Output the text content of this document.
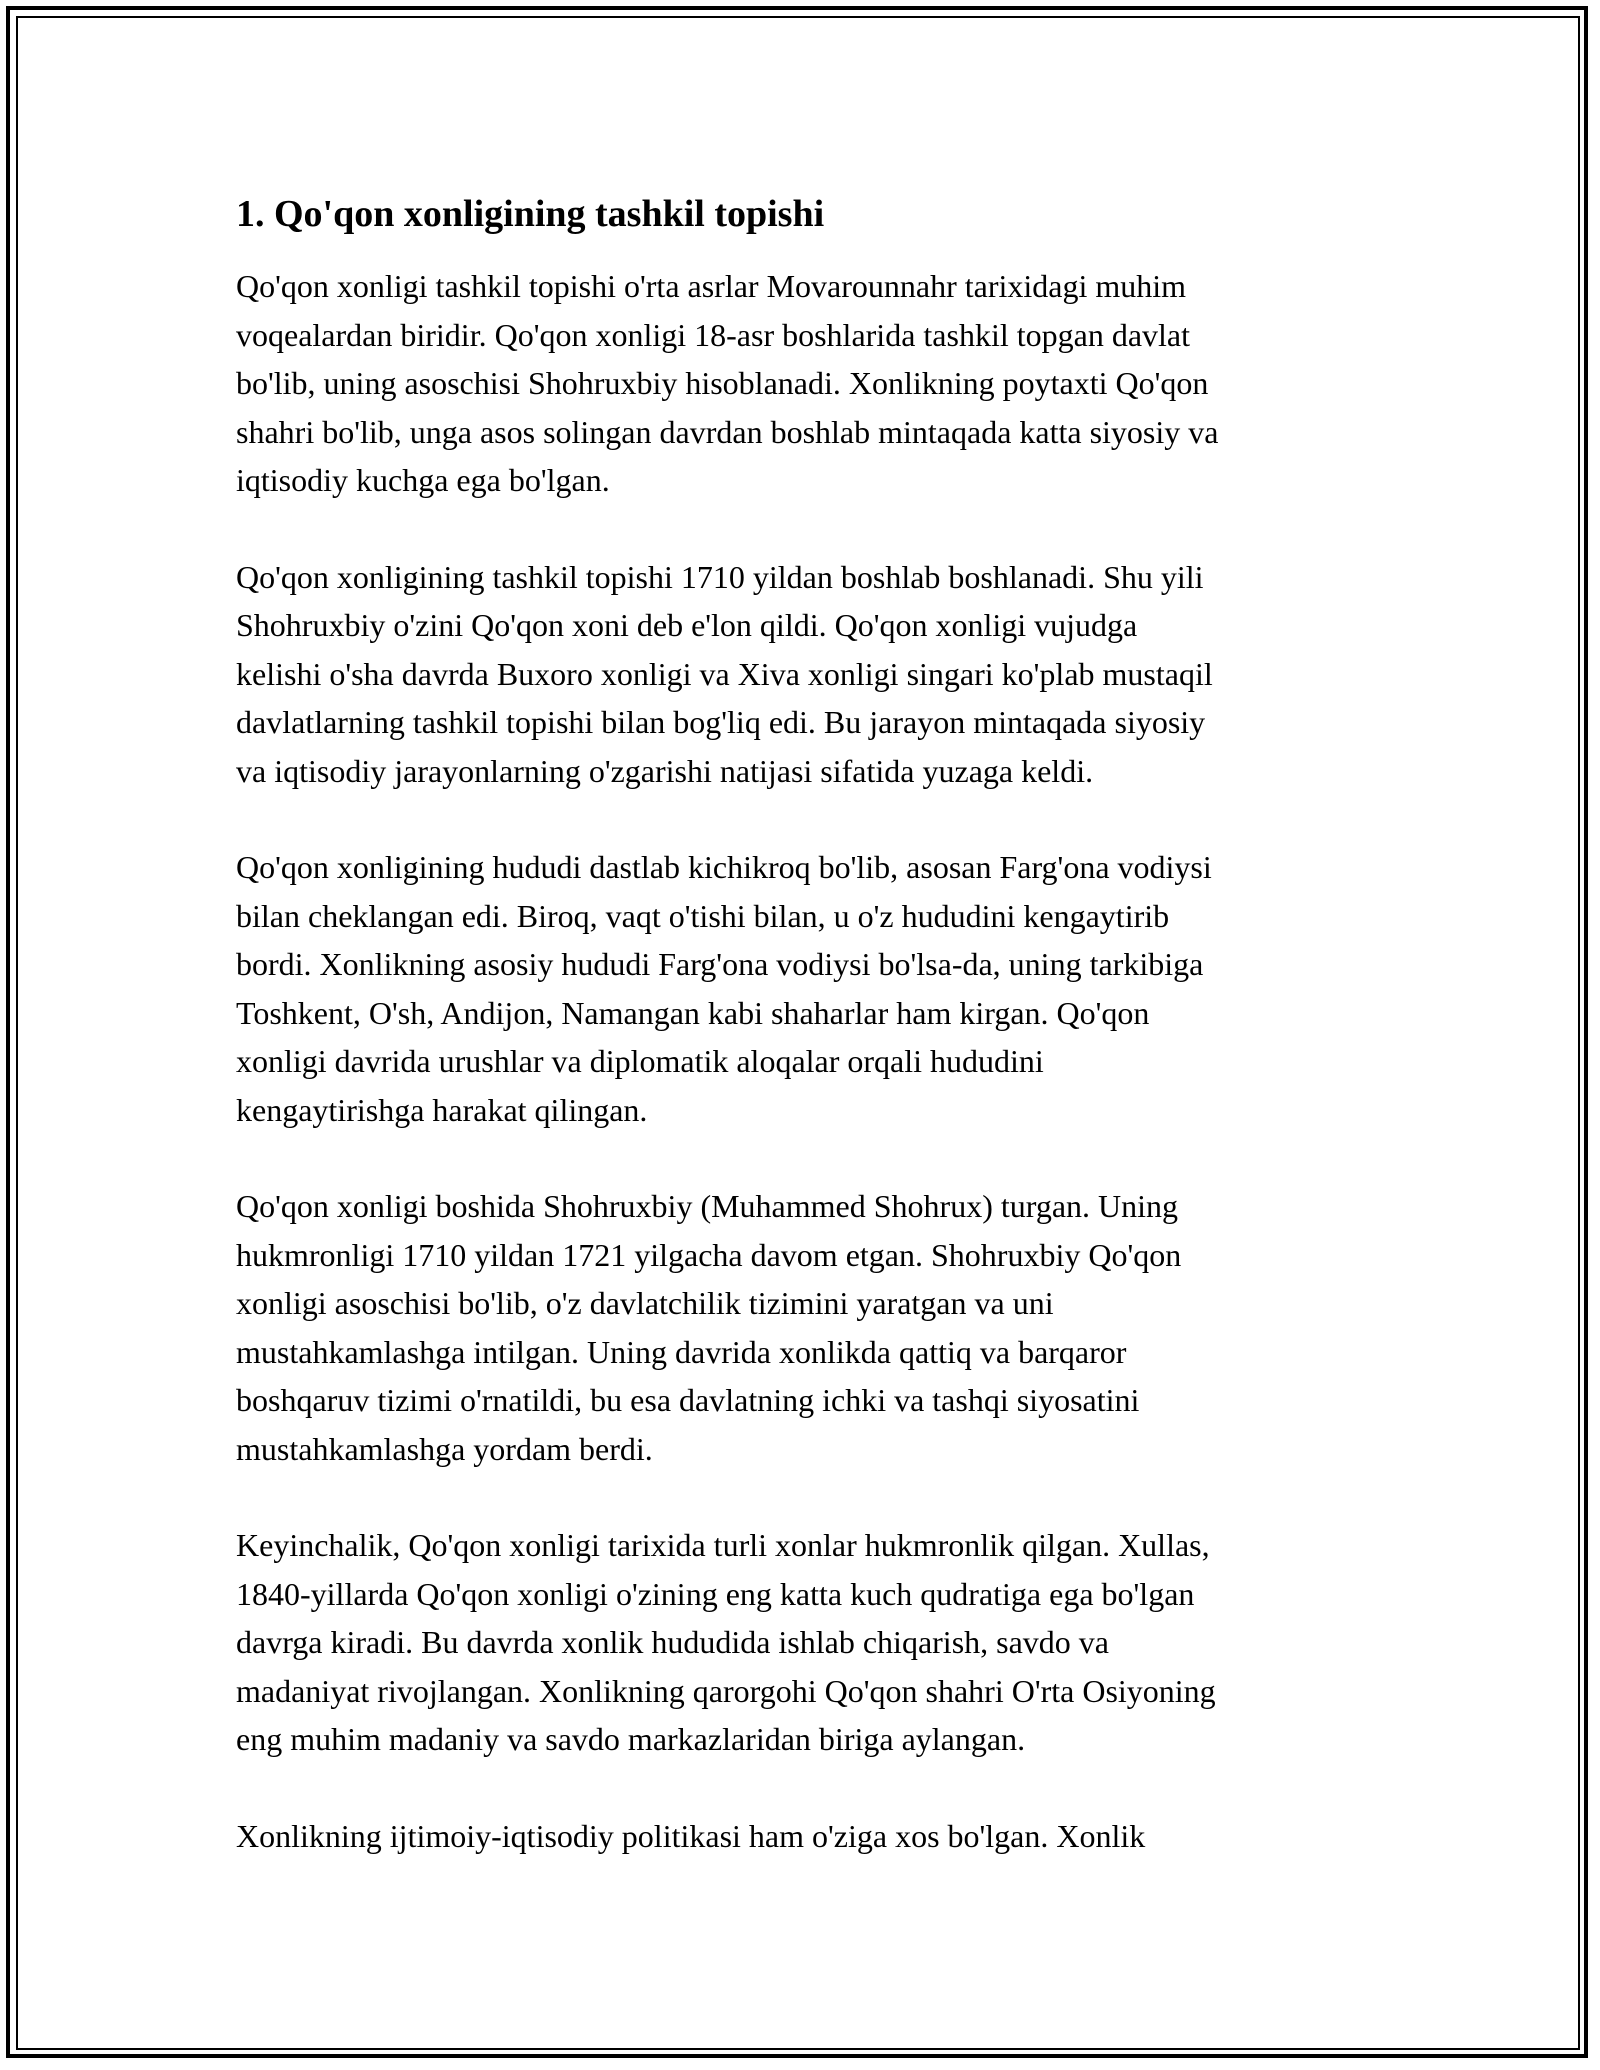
1. Qo'qon xonligining tashkil topishi

Qo'qon xonligi tashkil topishi o'rta asrlar Movarounnahr tarixidagi muhim
voqealardan biridir. Qo'qon xonligi 18-asr boshlarida tashkil topgan davlat
bo'lib, uning asoschisi Shohruxbiy hisoblanadi. Xonlikning poytaxti Qo'qon
shahri bo'lib, unga asos solingan davrdan boshlab mintaqada katta siyosiy va
iqtisodiy kuchga ega bo'lgan.

Qo'qon xonligining tashkil topishi 1710 yildan boshlab boshlanadi. Shu yili
Shohruxbiy o'zini Qo'qon xoni deb e'lon qildi. Qo'qon xonligi vujudga
kelishi o'sha davrda Buxoro xonligi va Xiva xonligi singari ko'plab mustaqil
davlatlarning tashkil topishi bilan bog'liq edi. Bu jarayon mintaqada siyosiy
va iqtisodiy jarayonlarning o'zgarishi natijasi sifatida yuzaga keldi.

Qo'qon xonligining hududi dastlab kichikroq bo'lib, asosan Farg'ona vodiysi
bilan cheklangan edi. Biroq, vaqt o'tishi bilan, u o'z hududini kengaytirib
bordi. Xonlikning asosiy hududi Farg'ona vodiysi bo'lsa-da, uning tarkibiga
Toshkent, O'sh, Andijon, Namangan kabi shaharlar ham kirgan. Qo'qon
xonligi davrida urushlar va diplomatik aloqalar orqali hududini
kengaytirishga harakat qilingan.

Qo'qon xonligi boshida Shohruxbiy (Muhammed Shohrux) turgan. Uning
hukmronligi 1710 yildan 1721 yilgacha davom etgan. Shohruxbiy Qo'qon
xonligi asoschisi bo'lib, o'z davlatchilik tizimini yaratgan va uni
mustahkamlashga intilgan. Uning davrida xonlikda qattiq va barqaror
boshqaruv tizimi o'rnatildi, bu esa davlatning ichki va tashqi siyosatini
mustahkamlashga yordam berdi.

Keyinchalik, Qo'qon xonligi tarixida turli xonlar hukmronlik qilgan. Xullas,
1840-yillarda Qo'qon xonligi o'zining eng katta kuch qudratiga ega bo'lgan
davrga kiradi. Bu davrda xonlik hududida ishlab chiqarish, savdo va
madaniyat rivojlangan. Xonlikning qarorgohi Qo'qon shahri O'rta Osiyoning
eng muhim madaniy va savdo markazlaridan biriga aylangan.

Xonlikning ijtimoiy-iqtisodiy politikasi ham o'ziga xos bo'lgan. Xonlik
